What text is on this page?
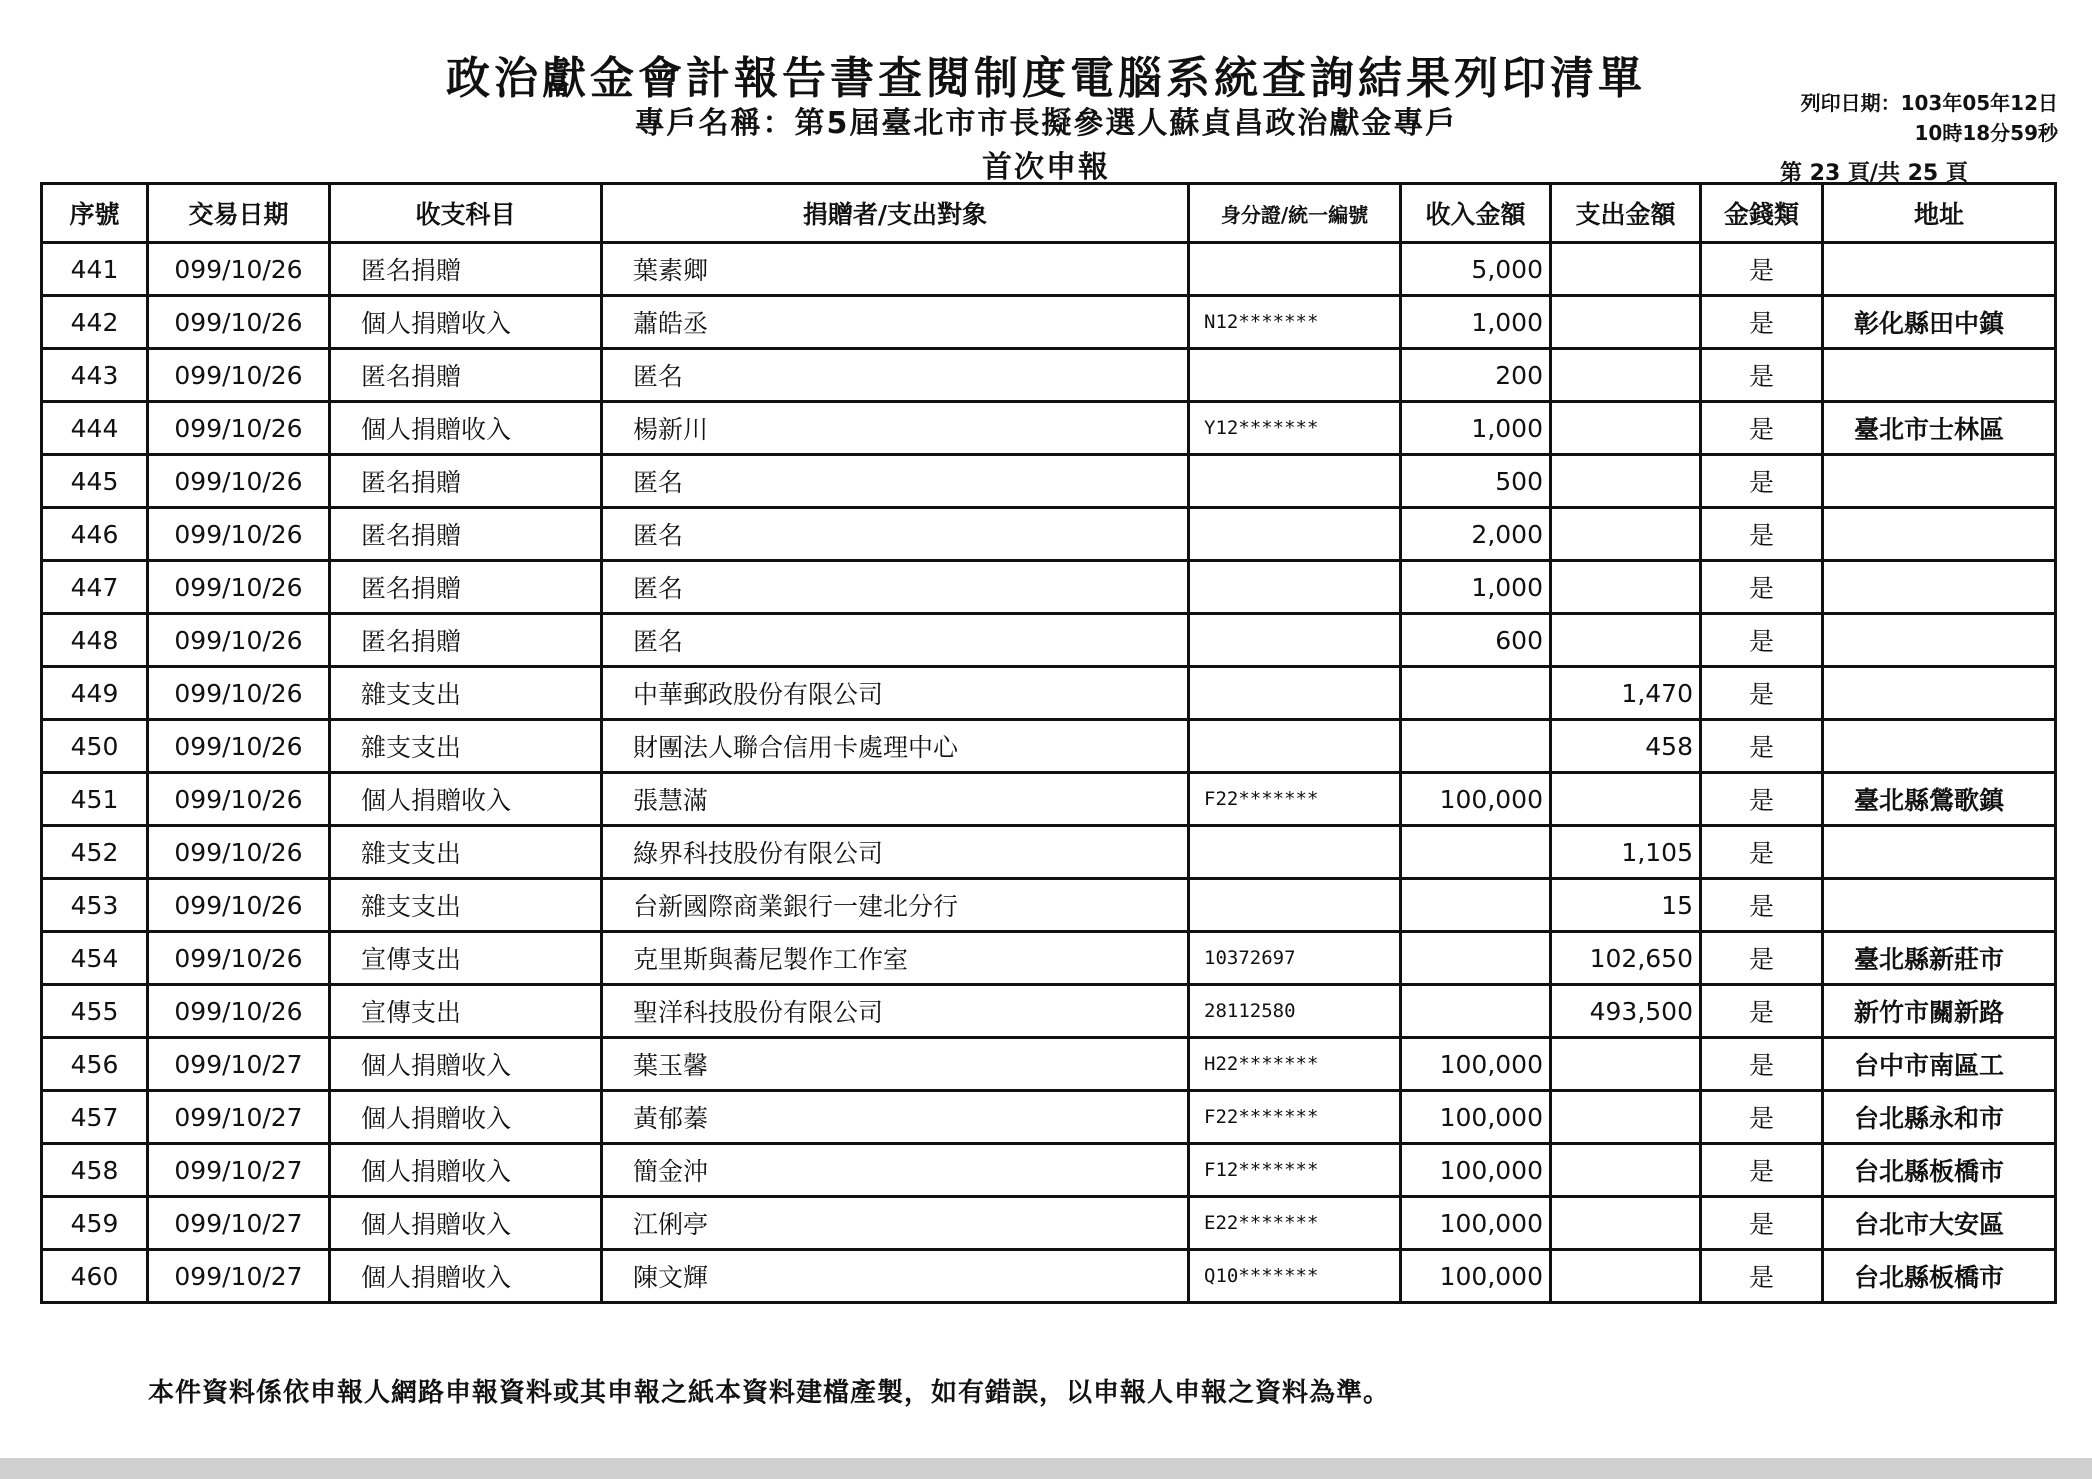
政治獻金會計報告書查閱制度電腦系統查詢結果列印清單
專戶名稱：第5屆臺北市市長擬參選人蘇貞昌政治獻金專戶
首次申報
列印日期：103年05年12日
10時18分59秒
第 23 頁/共 25 頁
序號	交易日期	收支科目	捐贈者/支出對象	身分證/統一編號	收入金額	支出金額	金錢類	地址
441	099/10/26	匿名捐贈	葉素卿		5,000		是	
442	099/10/26	個人捐贈收入	蕭皓丞	N12*******	1,000		是	彰化縣田中鎮
443	099/10/26	匿名捐贈	匿名		200		是	
444	099/10/26	個人捐贈收入	楊新川	Y12*******	1,000		是	臺北市士林區
445	099/10/26	匿名捐贈	匿名		500		是	
446	099/10/26	匿名捐贈	匿名		2,000		是	
447	099/10/26	匿名捐贈	匿名		1,000		是	
448	099/10/26	匿名捐贈	匿名		600		是	
449	099/10/26	雜支支出	中華郵政股份有限公司			1,470	是	
450	099/10/26	雜支支出	財團法人聯合信用卡處理中心			458	是	
451	099/10/26	個人捐贈收入	張慧滿	F22*******	100,000		是	臺北縣鶯歌鎮
452	099/10/26	雜支支出	綠界科技股份有限公司			1,105	是	
453	099/10/26	雜支支出	台新國際商業銀行一建北分行			15	是	
454	099/10/26	宣傳支出	克里斯與蕎尼製作工作室	10372697		102,650	是	臺北縣新莊市
455	099/10/26	宣傳支出	聖洋科技股份有限公司	28112580		493,500	是	新竹市關新路
456	099/10/27	個人捐贈收入	葉玉馨	H22*******	100,000		是	台中市南區工
457	099/10/27	個人捐贈收入	黃郁蓁	F22*******	100,000		是	台北縣永和市
458	099/10/27	個人捐贈收入	簡金沖	F12*******	100,000		是	台北縣板橋市
459	099/10/27	個人捐贈收入	江俐亭	E22*******	100,000		是	台北市大安區
460	099/10/27	個人捐贈收入	陳文輝	Q10*******	100,000		是	台北縣板橋市
本件資料係依申報人網路申報資料或其申報之紙本資料建檔產製，如有錯誤，以申報人申報之資料為準。
